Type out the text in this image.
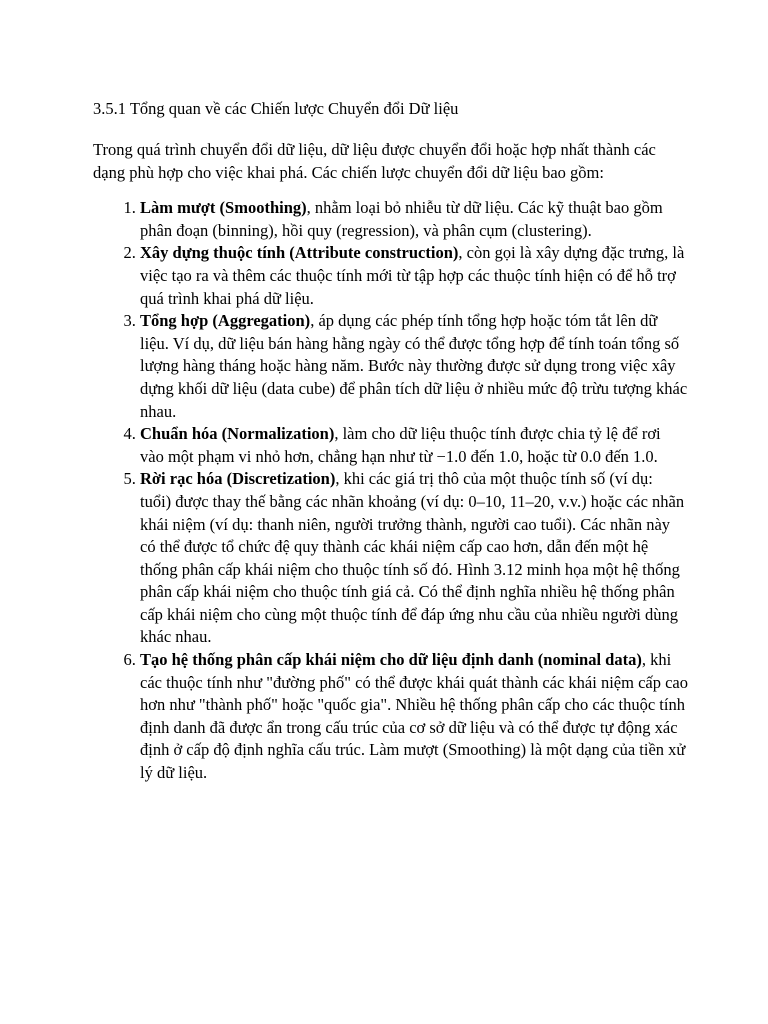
3.5.1 Tổng quan về các Chiến lược Chuyển đổi Dữ liệu

Trong quá trình chuyển đổi dữ liệu, dữ liệu được chuyển đổi hoặc hợp nhất thành các dạng phù hợp cho việc khai phá. Các chiến lược chuyển đổi dữ liệu bao gồm:

1. Làm mượt (Smoothing), nhằm loại bỏ nhiễu từ dữ liệu. Các kỹ thuật bao gồm phân đoạn (binning), hồi quy (regression), và phân cụm (clustering).
2. Xây dựng thuộc tính (Attribute construction), còn gọi là xây dựng đặc trưng, là việc tạo ra và thêm các thuộc tính mới từ tập hợp các thuộc tính hiện có để hỗ trợ quá trình khai phá dữ liệu.
3. Tổng hợp (Aggregation), áp dụng các phép tính tổng hợp hoặc tóm tắt lên dữ liệu. Ví dụ, dữ liệu bán hàng hằng ngày có thể được tổng hợp để tính toán tổng số lượng hàng tháng hoặc hàng năm. Bước này thường được sử dụng trong việc xây dựng khối dữ liệu (data cube) để phân tích dữ liệu ở nhiều mức độ trừu tượng khác nhau.
4. Chuẩn hóa (Normalization), làm cho dữ liệu thuộc tính được chia tỷ lệ để rơi vào một phạm vi nhỏ hơn, chẳng hạn như từ −1.0 đến 1.0, hoặc từ 0.0 đến 1.0.
5. Rời rạc hóa (Discretization), khi các giá trị thô của một thuộc tính số (ví dụ: tuổi) được thay thế bằng các nhãn khoảng (ví dụ: 0–10, 11–20, v.v.) hoặc các nhãn khái niệm (ví dụ: thanh niên, người trưởng thành, người cao tuổi). Các nhãn này có thể được tổ chức đệ quy thành các khái niệm cấp cao hơn, dẫn đến một hệ thống phân cấp khái niệm cho thuộc tính số đó. Hình 3.12 minh họa một hệ thống phân cấp khái niệm cho thuộc tính giá cả. Có thể định nghĩa nhiều hệ thống phân cấp khái niệm cho cùng một thuộc tính để đáp ứng nhu cầu của nhiều người dùng khác nhau.
6. Tạo hệ thống phân cấp khái niệm cho dữ liệu định danh (nominal data), khi các thuộc tính như "đường phố" có thể được khái quát thành các khái niệm cấp cao hơn như "thành phố" hoặc "quốc gia". Nhiều hệ thống phân cấp cho các thuộc tính định danh đã được ẩn trong cấu trúc của cơ sở dữ liệu và có thể được tự động xác định ở cấp độ định nghĩa cấu trúc. Làm mượt (Smoothing) là một dạng của tiền xử lý dữ liệu.
